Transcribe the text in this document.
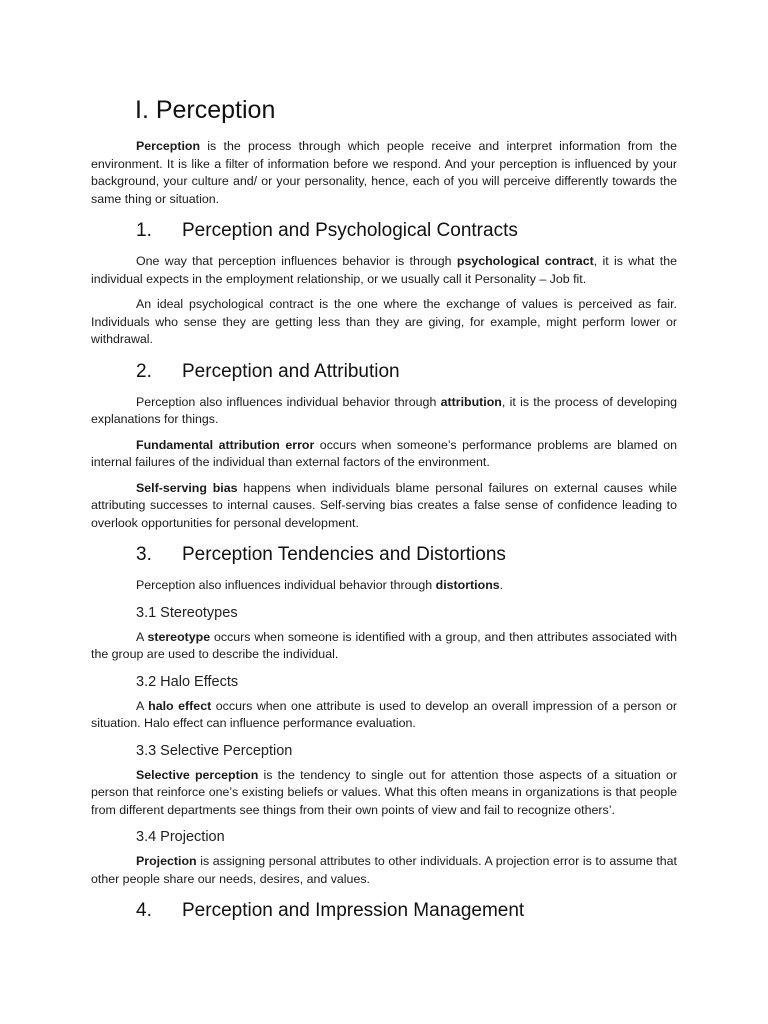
I. Perception

Perception is the process through which people receive and interpret information from the environment. It is like a filter of information before we respond. And your perception is influenced by your background, your culture and/ or your personality, hence, each of you will perceive differently towards the same thing or situation.

1.	Perception and Psychological Contracts

One way that perception influences behavior is through psychological contract, it is what the individual expects in the employment relationship, or we usually call it Personality – Job fit.

An ideal psychological contract is the one where the exchange of values is perceived as fair. Individuals who sense they are getting less than they are giving, for example, might perform lower or withdrawal.

2.	Perception and Attribution

Perception also influences individual behavior through attribution, it is the process of developing explanations for things.

Fundamental attribution error occurs when someone’s performance problems are blamed on internal failures of the individual than external factors of the environment.

Self-serving bias happens when individuals blame personal failures on external causes while attributing successes to internal causes. Self-serving bias creates a false sense of confidence leading to overlook opportunities for personal development.

3.	Perception Tendencies and Distortions

Perception also influences individual behavior through distortions.

3.1 Stereotypes

A stereotype occurs when someone is identified with a group, and then attributes associated with the group are used to describe the individual.

3.2 Halo Effects

A halo effect occurs when one attribute is used to develop an overall impression of a person or situation. Halo effect can influence performance evaluation.

3.3 Selective Perception

Selective perception is the tendency to single out for attention those aspects of a situation or person that reinforce one’s existing beliefs or values. What this often means in organizations is that people from different departments see things from their own points of view and fail to recognize others’.

3.4 Projection

Projection is assigning personal attributes to other individuals. A projection error is to assume that other people share our needs, desires, and values.

4.	Perception and Impression Management
